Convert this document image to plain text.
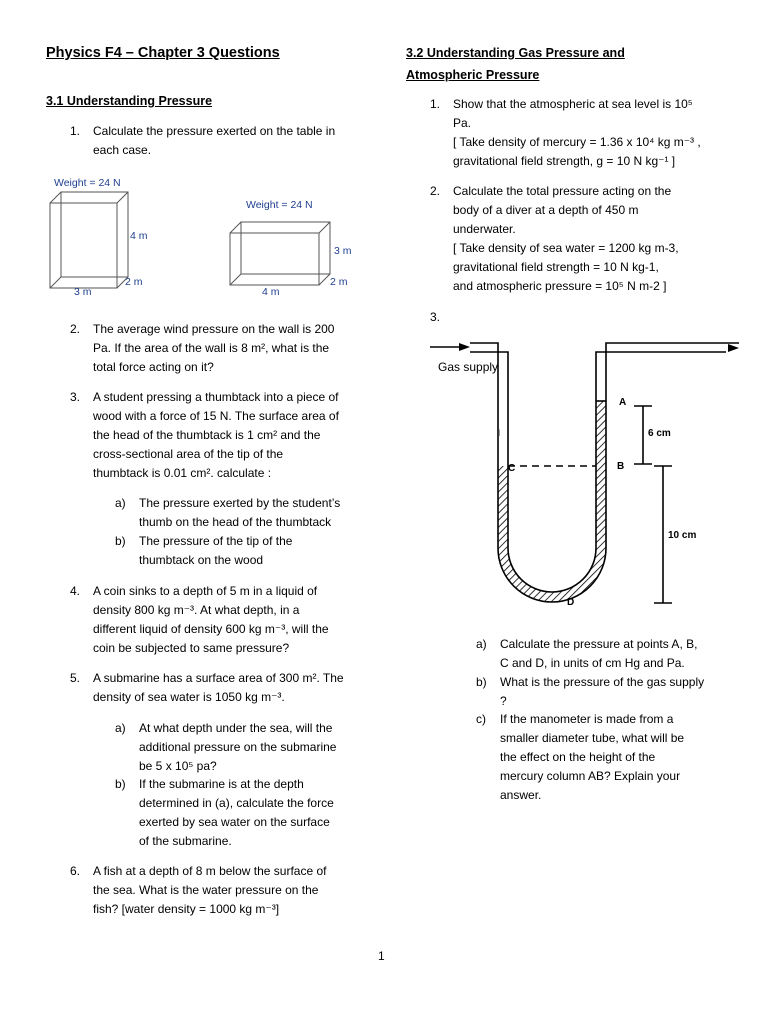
Physics F4 – Chapter 3 Questions
3.1 Understanding Pressure
1. Calculate the pressure exerted on the table in
each case.
Weight = 24 N
4 m
2 m
3 m
Weight = 24 N
3 m
2 m
4 m
2. The average wind pressure on the wall is 200
Pa. If the area of the wall is 8 m², what is the
total force acting on it?
3. A student pressing a thumbtack into a piece of
wood with a force of 15 N. The surface area of
the head of the thumbtack is 1 cm² and the
cross-sectional area of the tip of the
thumbtack is 0.01 cm². calculate :
a) The pressure exerted by the student’s
thumb on the head of the thumbtack
b) The pressure of the tip of the
thumbtack on the wood
4. A coin sinks to a depth of 5 m in a liquid of
density 800 kg m⁻³. At what depth, in a
different liquid of density 600 kg m⁻³, will the
coin be subjected to same pressure?
5. A submarine has a surface area of 300 m². The
density of sea water is 1050 kg m⁻³.
a) At what depth under the sea, will the
additional pressure on the submarine
be 5 x 10⁵ pa?
b) If the submarine is at the depth
determined in (a), calculate the force
exerted by sea water on the surface
of the submarine.
6. A fish at a depth of 8 m below the surface of
the sea. What is the water pressure on the
fish? [water density = 1000 kg m⁻³]
3.2 Understanding Gas Pressure and
Atmospheric Pressure
1. Show that the atmospheric at sea level is 10⁵
Pa.
[ Take density of mercury = 1.36 x 10⁴ kg m⁻³ ,
gravitational field strength, g = 10 N kg⁻¹ ]
2. Calculate the total pressure acting on the
body of a diver at a depth of 450 m
underwater.
[ Take density of sea water = 1200 kg m-3,
gravitational field strength = 10 N kg-1,
and atmospheric pressure = 10⁵ N m-2 ]
3.
Gas supply
A
B
C
D
6 cm
10 cm
I
a) Calculate the pressure at points A, B,
C and D, in units of cm Hg and Pa.
b) What is the pressure of the gas supply
?
c) If the manometer is made from a
smaller diameter tube, what will be
the effect on the height of the
mercury column AB? Explain your
answer.
1
